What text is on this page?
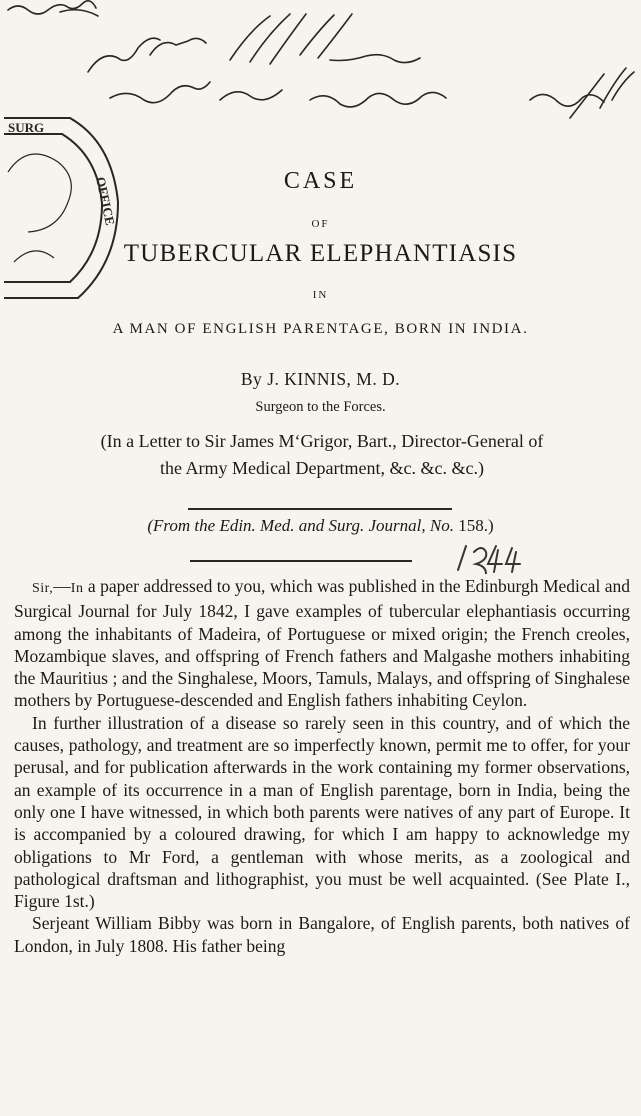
SURG
OFFICE	CASE
OF
TUBERCULAR ELEPHANTIASIS
IN
A MAN OF ENGLISH PARENTAGE, BORN IN INDIA.
By J. KINNIS, M. D.
Surgeon to the Forces.
(In a Letter to Sir James M‘Grigor, Bart., Director-General of
the Army Medical Department, &c. &c. &c.)
(From the Edin. Med. and Surg. Journal, No. 158.)

Sir,—In a paper addressed to you, which was published in the Edinburgh Medical and Surgical Journal for July 1842, I gave examples of tubercular elephantiasis occurring among the inhabitants of Madeira, of Portuguese or mixed origin; the French creoles, Mozambique slaves, and offspring of French fathers and Malgashe mothers inhabiting the Mauritius ; and the Singhalese, Moors, Tamuls, Malays, and offspring of Singhalese mothers by Portuguese-descended and English fathers inhabiting Ceylon.

In further illustration of a disease so rarely seen in this country, and of which the causes, pathology, and treatment are so imperfectly known, permit me to offer, for your perusal, and for publication afterwards in the work containing my former observations, an example of its occurrence in a man of English parentage, born in India, being the only one I have witnessed, in which both parents were natives of any part of Europe. It is accompanied by a coloured drawing, for which I am happy to acknowledge my obligations to Mr Ford, a gentleman with whose merits, as a zoological and pathological draftsman and lithographist, you must be well acquainted. (See Plate I., Figure 1st.)

Serjeant William Bibby was born in Bangalore, of English parents, both natives of London, in July 1808. His father being
